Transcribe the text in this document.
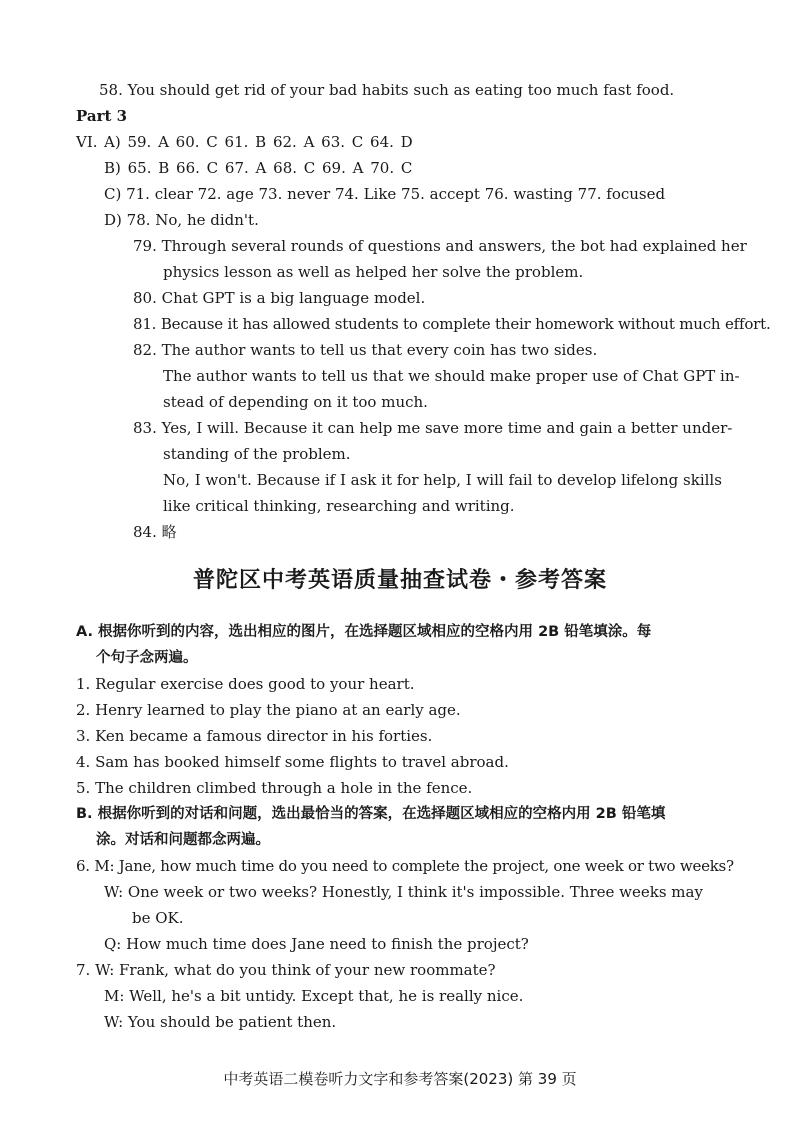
58. You should get rid of your bad habits such as eating too much fast food.
Part 3
VI. A) 59. A 60. C 61. B 62. A 63. C 64. D
B) 65. B 66. C 67. A 68. C 69. A 70. C
C) 71. clear 72. age 73. never 74. Like 75. accept 76. wasting 77. focused
D) 78. No, he didn't.
79. Through several rounds of questions and answers, the bot had explained her
physics lesson as well as helped her solve the problem.
80. Chat GPT is a big language model.
81. Because it has allowed students to complete their homework without much effort.
82. The author wants to tell us that every coin has two sides.
The author wants to tell us that we should make proper use of Chat GPT in-
stead of depending on it too much.
83. Yes, I will. Because it can help me save more time and gain a better under-
standing of the problem.
No, I won't. Because if I ask it for help, I will fail to develop lifelong skills
like critical thinking, researching and writing.
84. 略
普陀区中考英语质量抽查试卷・参考答案
A. 根据你听到的内容，选出相应的图片，在选择题区域相应的空格内用 2B 铅笔填涂。每
个句子念两遍。
1. Regular exercise does good to your heart.
2. Henry learned to play the piano at an early age.
3. Ken became a famous director in his forties.
4. Sam has booked himself some flights to travel abroad.
5. The children climbed through a hole in the fence.
B. 根据你听到的对话和问题，选出最恰当的答案，在选择题区域相应的空格内用 2B 铅笔填
涂。对话和问题都念两遍。
6. M: Jane, how much time do you need to complete the project, one week or two weeks?
W: One week or two weeks? Honestly, I think it's impossible. Three weeks may
be OK.
Q: How much time does Jane need to finish the project?
7. W: Frank, what do you think of your new roommate?
M: Well, he's a bit untidy. Except that, he is really nice.
W: You should be patient then.
中考英语二模卷听力文字和参考答案(2023) 第 39 页
